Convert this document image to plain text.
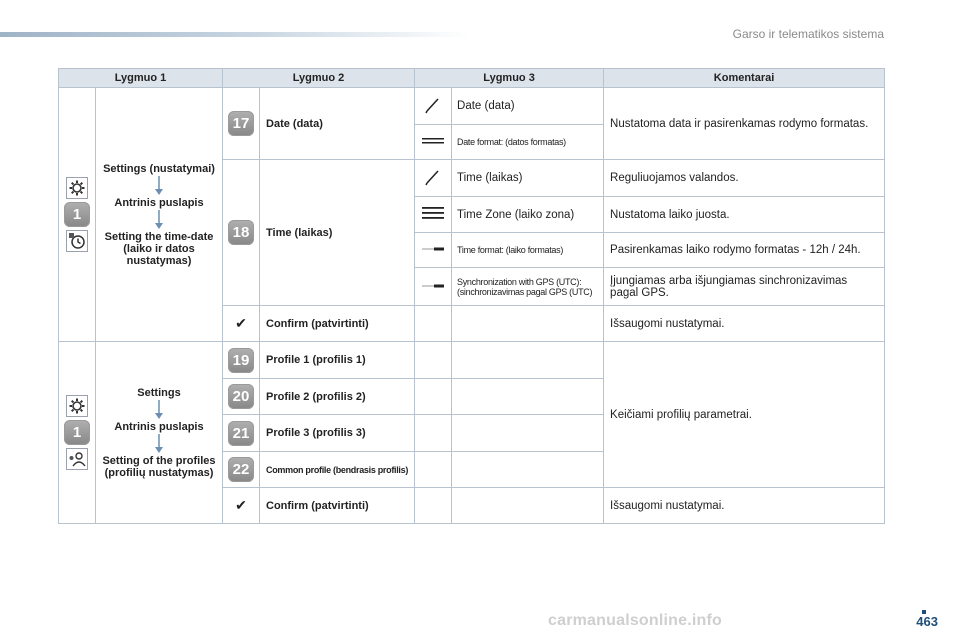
Garso ir telematikos sistema
Lygmuo 1		Lygmuo 2		Lygmuo 3		Komentarai

1	Settings (nustatymai)
Antrinis puslapis
Setting the time-date (laiko ir datos nustatymas)	17	Date (data)		Date (data)	Nustatoma data ir pasirenkamas rodymo formatas.
	Date format: (datos formatas)	
		18	Time (laikas)		Time (laikas)	Reguliuojamos valandos.
	Time Zone (laiko zona)	Nustatoma laiko juosta.
	Time format: (laiko formatas)	Pasirenkamas laiko rodymo formatas - 12h / 24h.
	Synchronization with GPS (UTC): (sinchronizavimas pagal GPS (UTC)	Įjungiamas arba išjungiamas sinchronizavimas pagal GPS.
		✔	Confirm (patvirtinti)			Išsaugomi nustatymai.

1	Settings
Antrinis puslapis
Setting of the profiles (profilių nustatymas)	19	Profile 1 (profilis 1)			Keičiami profilių parametrai.
		20	Profile 2 (profilis 2)			
		21	Profile 3 (profilis 3)			
		22	Common profile (bendrasis profilis)			
		✔	Confirm (patvirtinti)			Išsaugomi nustatymai.
carmanualsonline.info	463
